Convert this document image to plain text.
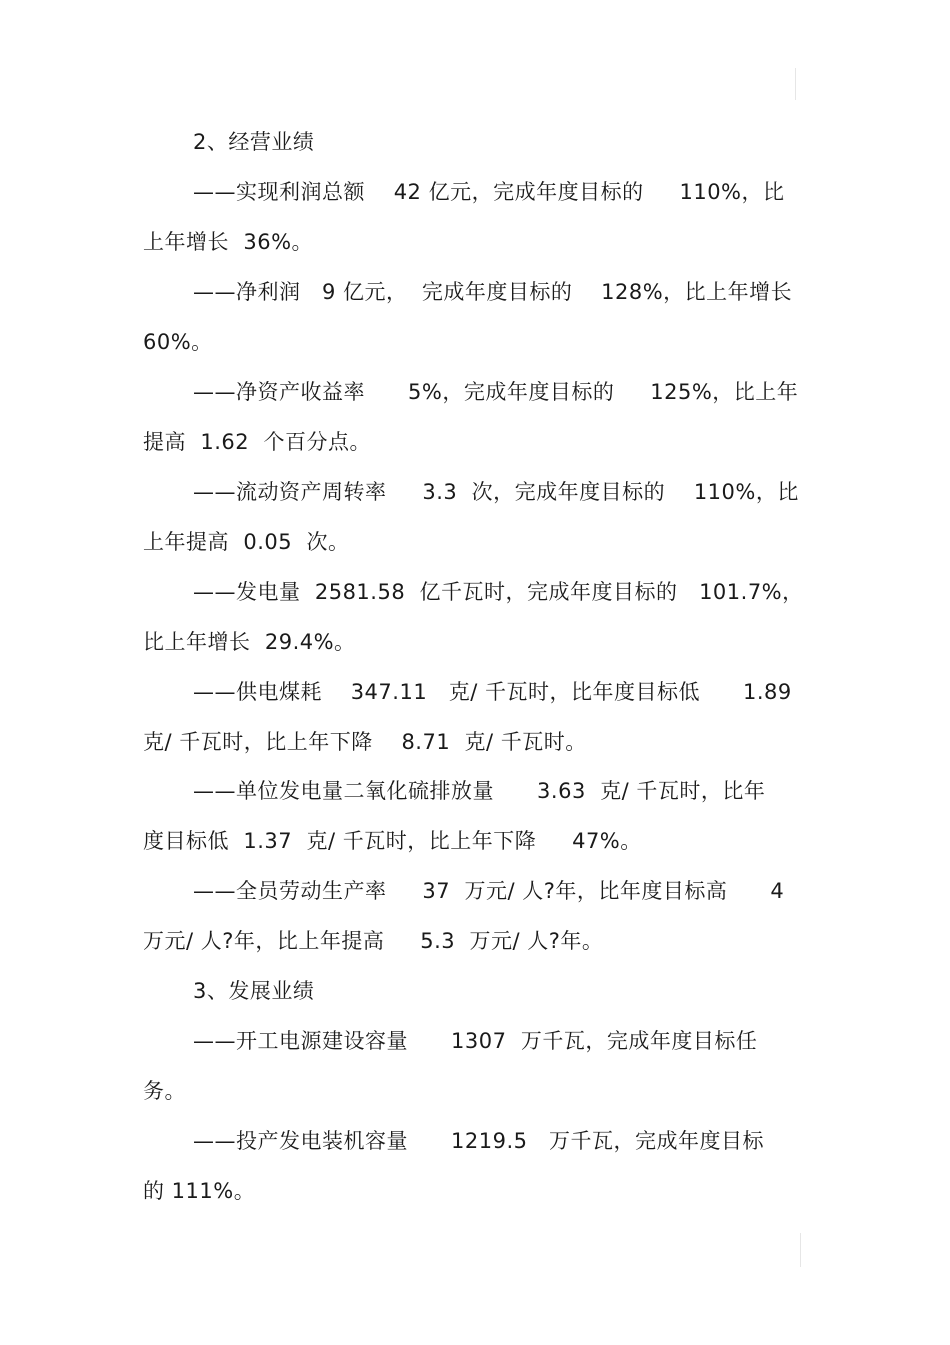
2、经营业绩
——实现利润总额    42 亿元，完成年度目标的     110%，比
上年增长  36%。
——净利润   9 亿元，  完成年度目标的    128%，比上年增长
60%。
——净资产收益率      5%，完成年度目标的     125%，比上年
提高  1.62  个百分点。
——流动资产周转率     3.3  次，完成年度目标的    110%，比
上年提高  0.05  次。
——发电量  2581.58  亿千瓦时，完成年度目标的   101.7%，
比上年增长  29.4%。
——供电煤耗    347.11   克/ 千瓦时，比年度目标低      1.89
克/ 千瓦时，比上年下降    8.71  克/ 千瓦时。
——单位发电量二氧化硫排放量      3.63  克/ 千瓦时，比年
度目标低  1.37  克/ 千瓦时，比上年下降     47%。
——全员劳动生产率     37  万元/ 人?年，比年度目标高      4
万元/ 人?年，比上年提高     5.3  万元/ 人?年。
3、发展业绩
——开工电源建设容量      1307  万千瓦，完成年度目标任
务。
——投产发电装机容量      1219.5   万千瓦，完成年度目标
的 111%。
